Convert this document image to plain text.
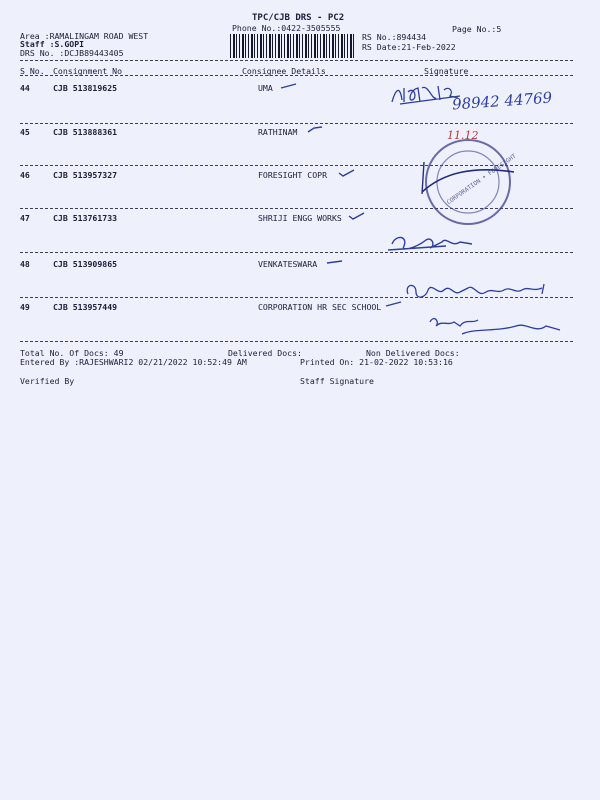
TPC/CJB DRS - PC2
Phone No.:0422-3505555	Page No.:5
Area :RAMALINGAM ROAD WEST
Staff :S.GOPI
DRS No. :DCJB89443405
RS No.:894434
RS Date:21-Feb-2022
S No. Consignment No	Consignee Details	Signature
44	CJB 513819625	UMA
45	CJB 513888361	RATHINAM
46	CJB 513957327	FORESIGHT COPR
47	CJB 513761733	SHRIJI ENGG WORKS
48	CJB 513909865	VENKATESWARA
49	CJB 513957449	CORPORATION HR SEC SCHOOL
98942 44769
11.12
CORPORATION • FORESIGHT
Total No. Of Docs: 49	Delivered Docs:	Non Delivered Docs:
Entered By :RAJESHWARI2 02/21/2022 10:52:49 AM	Printed On: 21-02-2022 10:53:16
Verified By	Staff Signature
